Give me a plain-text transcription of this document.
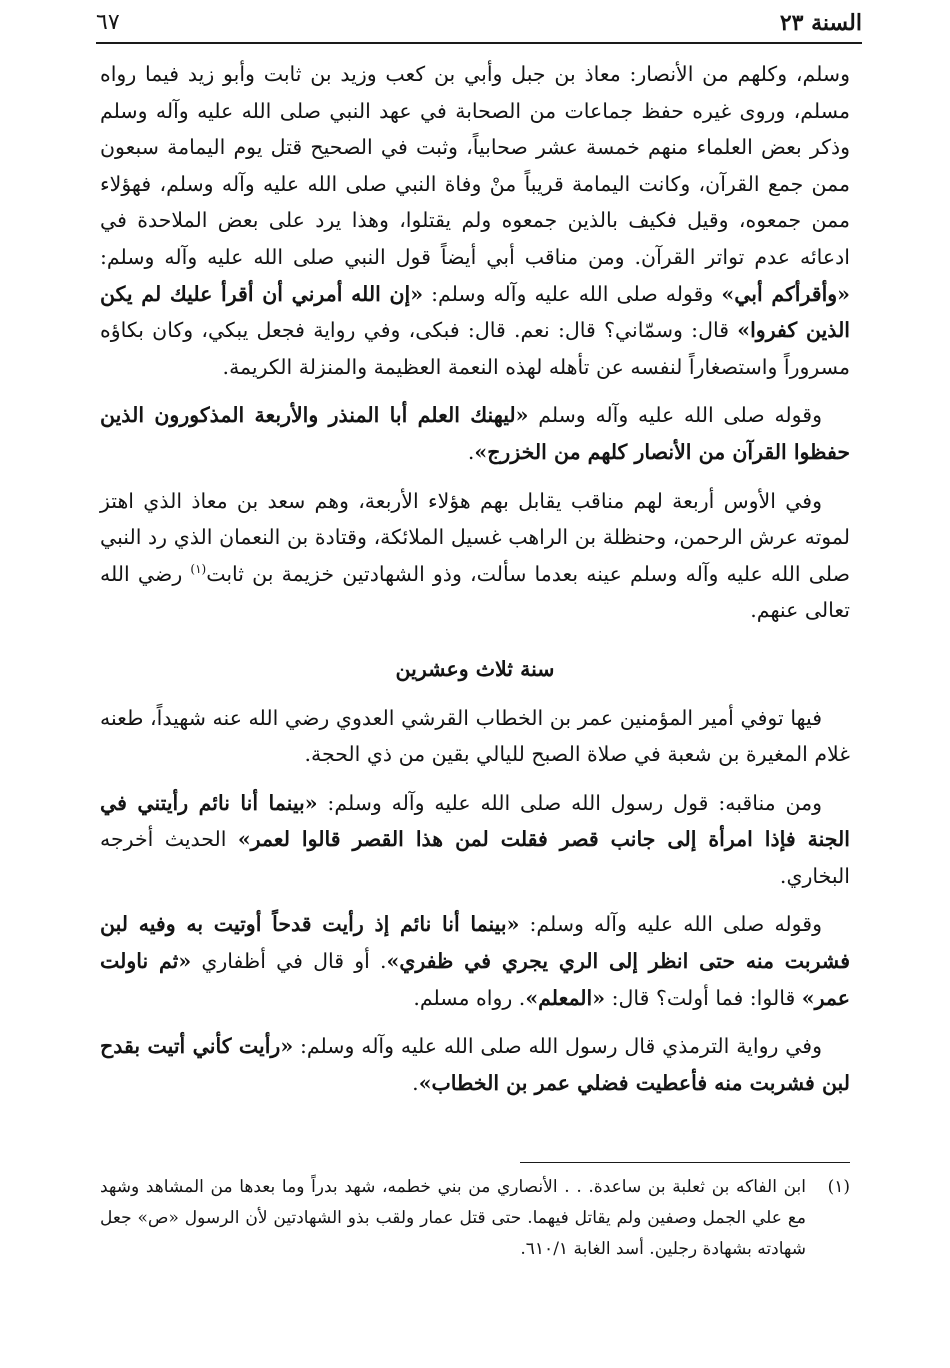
السنة ٢٣
٦٧

وسلم، وكلهم من الأنصار: معاذ بن جبل وأبي بن كعب وزيد بن ثابت وأبو زيد فيما رواه مسلم، وروى غيره حفظ جماعات من الصحابة في عهد النبي صلى الله عليه وآله وسلم وذكر بعض العلماء منهم خمسة عشر صحابياً، وثبت في الصحيح قتل يوم اليمامة سبعون ممن جمع القرآن، وكانت اليمامة قريباً منْ وفاة النبي صلى الله عليه وآله وسلم، فهؤلاء ممن جمعوه، وقيل فكيف بالذين جمعوه ولم يقتلوا، وهذا يرد على بعض الملاحدة في ادعائه عدم تواتر القرآن. ومن مناقب أبي أيضاً قول النبي صلى الله عليه وآله وسلم: «وأقرأكم أبي» وقوله صلى الله عليه وآله وسلم: «إن الله أمرني أن أقرأ عليك لم يكن الذين كفروا» قال: وسمّاني؟ قال: نعم. قال: فبكى، وفي رواية فجعل يبكي، وكان بكاؤه مسروراً واستصغاراً لنفسه عن تأهله لهذه النعمة العظيمة والمنزلة الكريمة.

وقوله صلى الله عليه وآله وسلم «ليهنك العلم أبا المنذر والأربعة المذكورون الذين حفظوا القرآن من الأنصار كلهم من الخزرج».

وفي الأوس أربعة لهم مناقب يقابل بهم هؤلاء الأربعة، وهم سعد بن معاذ الذي اهتز لموته عرش الرحمن، وحنظلة بن الراهب غسيل الملائكة، وقتادة بن النعمان الذي رد النبي صلى الله عليه وآله وسلم عينه بعدما سألت، وذو الشهادتين خزيمة بن ثابت$^{(١)}$ رضي الله تعالى عنهم.

سنة ثلاث وعشرين

فيها توفي أمير المؤمنين عمر بن الخطاب القرشي العدوي رضي الله عنه شهيداً، طعنه غلام المغيرة بن شعبة في صلاة الصبح لليالي بقين من ذي الحجة.

ومن مناقبه: قول رسول الله صلى الله عليه وآله وسلم: «بينما أنا نائم رأيتني في الجنة فإذا امرأة إلى جانب قصر فقلت لمن هذا القصر قالوا لعمر» الحديث أخرجه البخاري.

وقوله صلى الله عليه وآله وسلم: «بينما أنا نائم إذ رأيت قدحاً أوتيت به وفيه لبن فشربت منه حتى انظر إلى الري يجري في ظفري». أو قال في أظفاري «ثم ناولت عمر» قالوا: فما أولت؟ قال: «المعلم». رواه مسلم.

وفي رواية الترمذي قال رسول الله صلى الله عليه وآله وسلم: «رأيت كأني أتيت بقدح لبن فشربت منه فأعطيت فضلي عمر بن الخطاب».

(١)
ابن الفاكه بن ثعلبة بن ساعدة. . . الأنصاري من بني خطمه، شهد بدراً وما بعدها من المشاهد وشهد مع علي الجمل وصفين ولم يقاتل فيهما. حتى قتل عمار ولقب بذو الشهادتين لأن الرسول «ص» جعل شهادته بشهادة رجلين. أسد الغابة ٦١٠/١.
